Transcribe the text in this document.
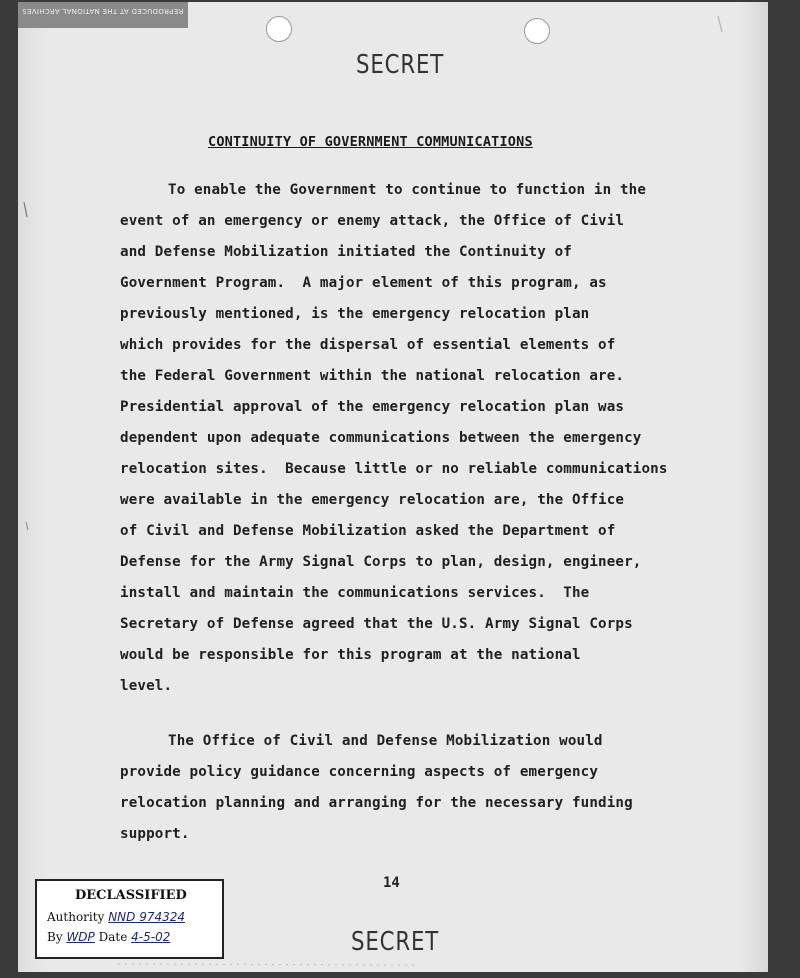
REPRODUCED AT THE NATIONAL ARCHIVES
SECRET
CONTINUITY OF GOVERNMENT COMMUNICATIONS
To enable the Government to continue to function in the
event of an emergency or enemy attack, the Office of Civil
and Defense Mobilization initiated the Continuity of
Government Program.  A major element of this program, as
previously mentioned, is the emergency relocation plan
which provides for the dispersal of essential elements of
the Federal Government within the national relocation are.
Presidential approval of the emergency relocation plan was
dependent upon adequate communications between the emergency
relocation sites.  Because little or no reliable communications
were available in the emergency relocation are, the Office
of Civil and Defense Mobilization asked the Department of
Defense for the Army Signal Corps to plan, design, engineer,
install and maintain the communications services.  The
Secretary of Defense agreed that the U.S. Army Signal Corps
would be responsible for this program at the national
level.
The Office of Civil and Defense Mobilization would
provide policy guidance concerning aspects of emergency
relocation planning and arranging for the necessary funding
support.
14
SECRET
DECLASSIFIED
Authority NND 974324
By WDP Date 4-5-02
